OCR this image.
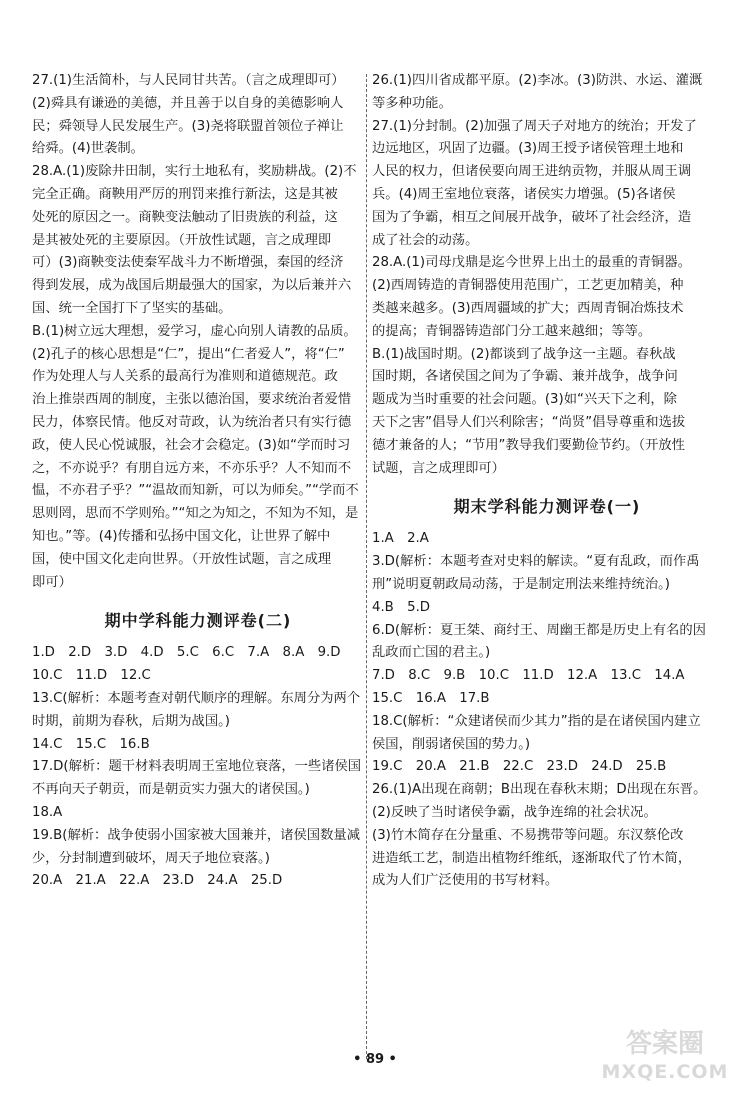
27.(1)生活简朴，与人民同甘共苦。（言之成理即可）

(2)舜具有谦逊的美德，并且善于以自身的美德影响人

民；舜领导人民发展生产。(3)尧将联盟首领位子禅让

给舜。(4)世袭制。

28.A.(1)废除井田制，实行土地私有，奖励耕战。(2)不

完全正确。商鞅用严厉的刑罚来推行新法，这是其被

处死的原因之一。商鞅变法触动了旧贵族的利益，这

是其被处死的主要原因。（开放性试题，言之成理即

可）(3)商鞅变法使秦军战斗力不断增强，秦国的经济

得到发展，成为战国后期最强大的国家，为以后兼并六

国、统一全国打下了坚实的基础。

B.(1)树立远大理想，爱学习，虚心向别人请教的品质。

(2)孔子的核心思想是“仁”，提出“仁者爱人”，将“仁”

作为处理人与人关系的最高行为准则和道德规范。政

治上推崇西周的制度，主张以德治国，要求统治者爱惜

民力，体察民情。他反对苛政，认为统治者只有实行德

政，使人民心悦诚服，社会才会稳定。(3)如“学而时习

之，不亦说乎？有朋自远方来，不亦乐乎？人不知而不

愠，不亦君子乎？”“温故而知新，可以为师矣。”“学而不

思则罔，思而不学则殆。”“知之为知之，不知为不知，是

知也。”等。(4)传播和弘扬中国文化，让世界了解中

国，使中国文化走向世界。（开放性试题，言之成理

即可）

期中学科能力测评卷(二)

1.D　2.D　3.D　4.D　5.C　6.C　7.A　8.A　9.D

10.C　11.D　12.C

13.C(解析：本题考查对朝代顺序的理解。东周分为两个

时期，前期为春秋，后期为战国。)

14.C　15.C　16.B

17.D(解析：题干材料表明周王室地位衰落，一些诸侯国

不再向天子朝贡，而是朝贡实力强大的诸侯国。)

18.A

19.B(解析：战争使弱小国家被大国兼并，诸侯国数量减

少，分封制遭到破坏，周天子地位衰落。)

20.A　21.A　22.A　23.D　24.A　25.D

26.(1)四川省成都平原。(2)李冰。(3)防洪、水运、灌溉

等多种功能。

27.(1)分封制。(2)加强了周天子对地方的统治；开发了

边远地区，巩固了边疆。(3)周王授予诸侯管理土地和

人民的权力，但诸侯要向周王进纳贡物，并服从周王调

兵。(4)周王室地位衰落，诸侯实力增强。(5)各诸侯

国为了争霸，相互之间展开战争，破坏了社会经济，造

成了社会的动荡。

28.A.(1)司母戊鼎是迄今世界上出土的最重的青铜器。

(2)西周铸造的青铜器使用范围广，工艺更加精美，种

类越来越多。(3)西周疆域的扩大；西周青铜冶炼技术

的提高；青铜器铸造部门分工越来越细；等等。

B.(1)战国时期。(2)都谈到了战争这一主题。春秋战

国时期，各诸侯国之间为了争霸、兼并战争，战争问

题成为当时重要的社会问题。(3)如“兴天下之利，除

天下之害”倡导人们兴利除害；“尚贤”倡导尊重和选拔

德才兼备的人；“节用”教导我们要勤俭节约。（开放性

试题，言之成理即可）

期末学科能力测评卷(一)

1.A　2.A

3.D(解析：本题考查对史料的解读。“夏有乱政，而作禹

刑”说明夏朝政局动荡，于是制定刑法来维持统治。)

4.B　5.D

6.D(解析：夏王桀、商纣王、周幽王都是历史上有名的因

乱政而亡国的君主。)

7.D　8.C　9.B　10.C　11.D　12.A　13.C　14.A

15.C　16.A　17.B

18.C(解析：“众建诸侯而少其力”指的是在诸侯国内建立

侯国，削弱诸侯国的势力。)

19.C　20.A　21.B　22.C　23.D　24.D　25.B

26.(1)A出现在商朝；B出现在春秋末期；D出现在东晋。

(2)反映了当时诸侯争霸，战争连绵的社会状况。

(3)竹木简存在分量重、不易携带等问题。东汉蔡伦改

进造纸工艺，制造出植物纤维纸，逐渐取代了竹木简，

成为人们广泛使用的书写材料。

• 89 •
答案圈
MXQE.COM
